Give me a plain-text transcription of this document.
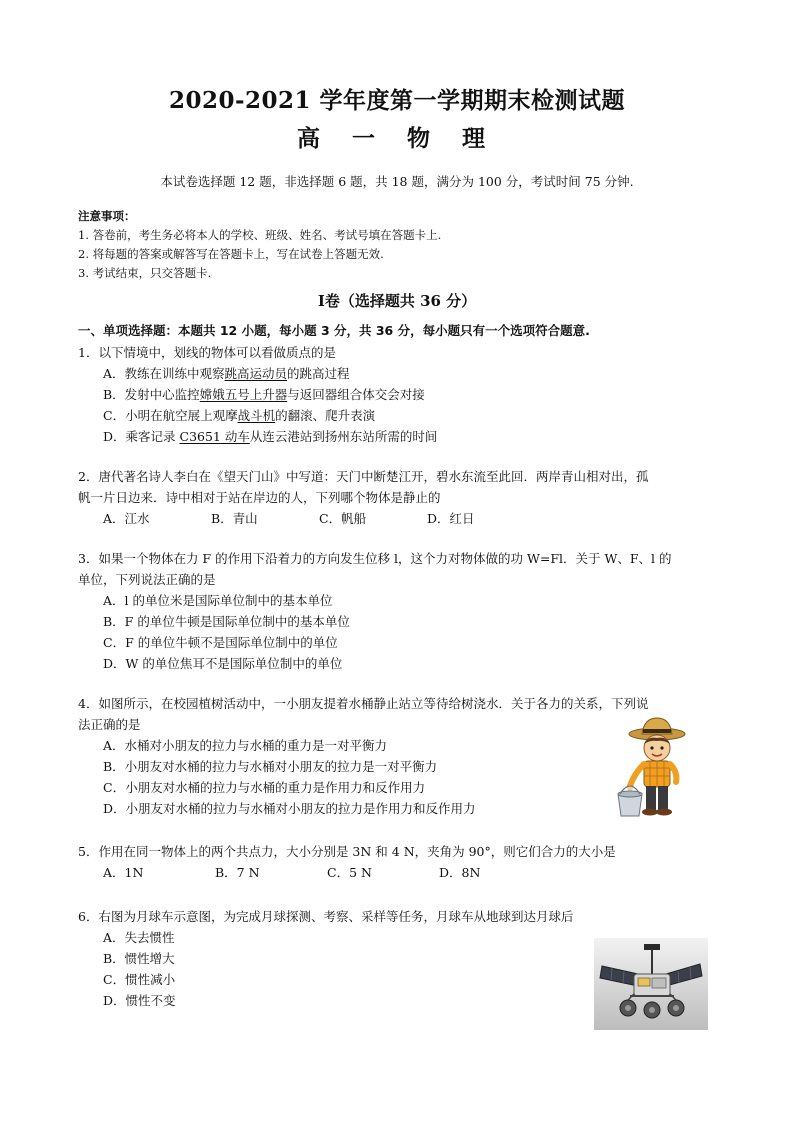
2020-2021 学年度第一学期期末检测试题
高 一 物 理
本试卷选择题 12 题，非选择题 6 题，共 18 题，满分为 100 分，考试时间 75 分钟.
注意事项：
1. 答卷前，考生务必将本人的学校、班级、姓名、考试号填在答题卡上.
2. 将每题的答案或解答写在答题卡上，写在试卷上答题无效.
3. 考试结束，只交答题卡.
Ⅰ卷（选择题共 36 分）
一、单项选择题：本题共 12 小题，每小题 3 分，共 36 分，每小题只有一个选项符合题意.
1．以下情境中，划线的物体可以看做质点的是
A．教练在训练中观察跳高运动员的跳高过程
B．发射中心监控嫦娥五号上升器与返回器组合体交会对接
C．小明在航空展上观摩战斗机的翻滚、爬升表演
D．乘客记录 C3651 动车从连云港站到扬州东站所需的时间
2．唐代著名诗人李白在《望天门山》中写道：天门中断楚江开，碧水东流至此回．两岸青山相对出，孤
帆一片日边来．诗中相对于站在岸边的人，下列哪个物体是静止的
A．江水	B．青山	C．帆船	D．红日
3．如果一个物体在力 F 的作用下沿着力的方向发生位移 l，这个力对物体做的功 W=Fl．关于 W、F、l 的
单位，下列说法正确的是
A．l 的单位米是国际单位制中的基本单位
B．F 的单位牛顿是国际单位制中的基本单位
C．F 的单位牛顿不是国际单位制中的单位
D．W 的单位焦耳不是国际单位制中的单位
4．如图所示，在校园植树活动中，一小朋友提着水桶静止站立等待给树浇水．关于各力的关系，下列说
法正确的是
A．水桶对小朋友的拉力与水桶的重力是一对平衡力
B．小朋友对水桶的拉力与水桶对小朋友的拉力是一对平衡力
C．小朋友对水桶的拉力与水桶的重力是作用力和反作用力
D．小朋友对水桶的拉力与水桶对小朋友的拉力是作用力和反作用力
5．作用在同一物体上的两个共点力，大小分别是 3N 和 4 N，夹角为 90°，则它们合力的大小是
A．1N	B．7 N	C．5 N	D．8N
6．右图为月球车示意图，为完成月球探测、考察、采样等任务，月球车从地球到达月球后
A．失去惯性
B．惯性增大
C．惯性减小
D．惯性不变
